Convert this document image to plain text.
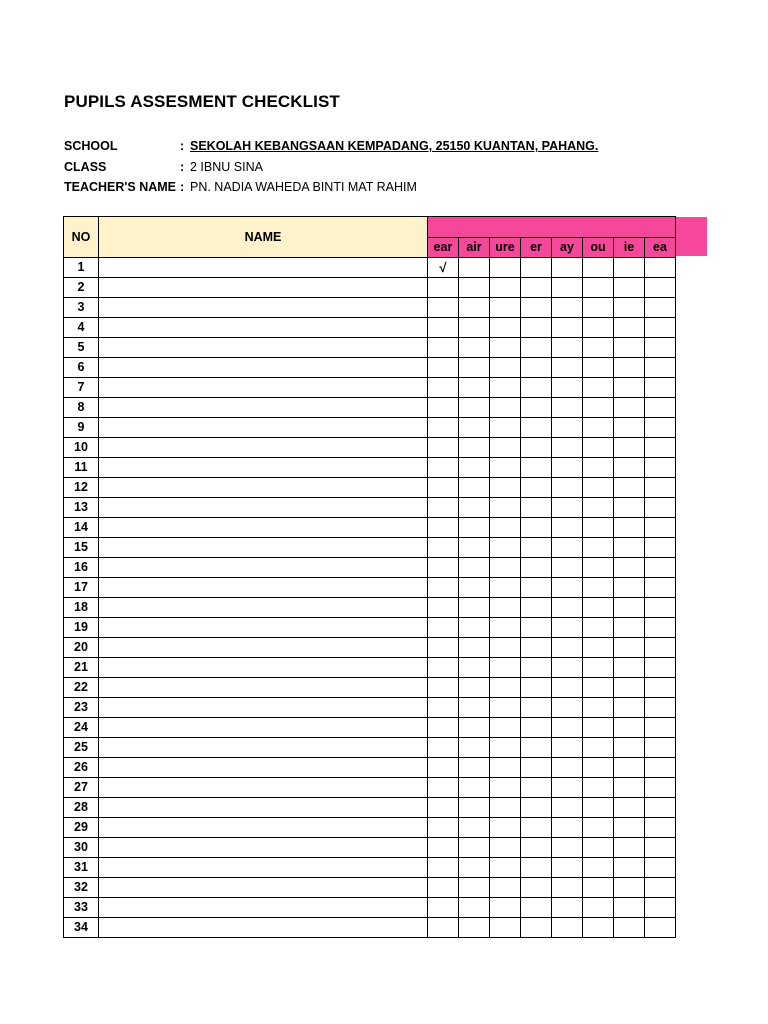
PUPILS ASSESMENT CHECKLIST
SCHOOL	: SEKOLAH KEBANGSAAN KEMPADANG, 25150 KUANTAN, PAHANG.
CLASS	: 2 IBNU SINA
TEACHER'S NAME : PN. NADIA WAHEDA BINTI MAT RAHIM
NO	NAME								
		ear	air	ure	er	ay	ou	ie	ea
1		√							
2									
3									
4									
5									
6									
7									
8									
9									
10									
11									
12									
13									
14									
15									
16									
17									
18									
19									
20									
21									
22									
23									
24									
25									
26									
27									
28									
29									
30									
31									
32									
33									
34									
